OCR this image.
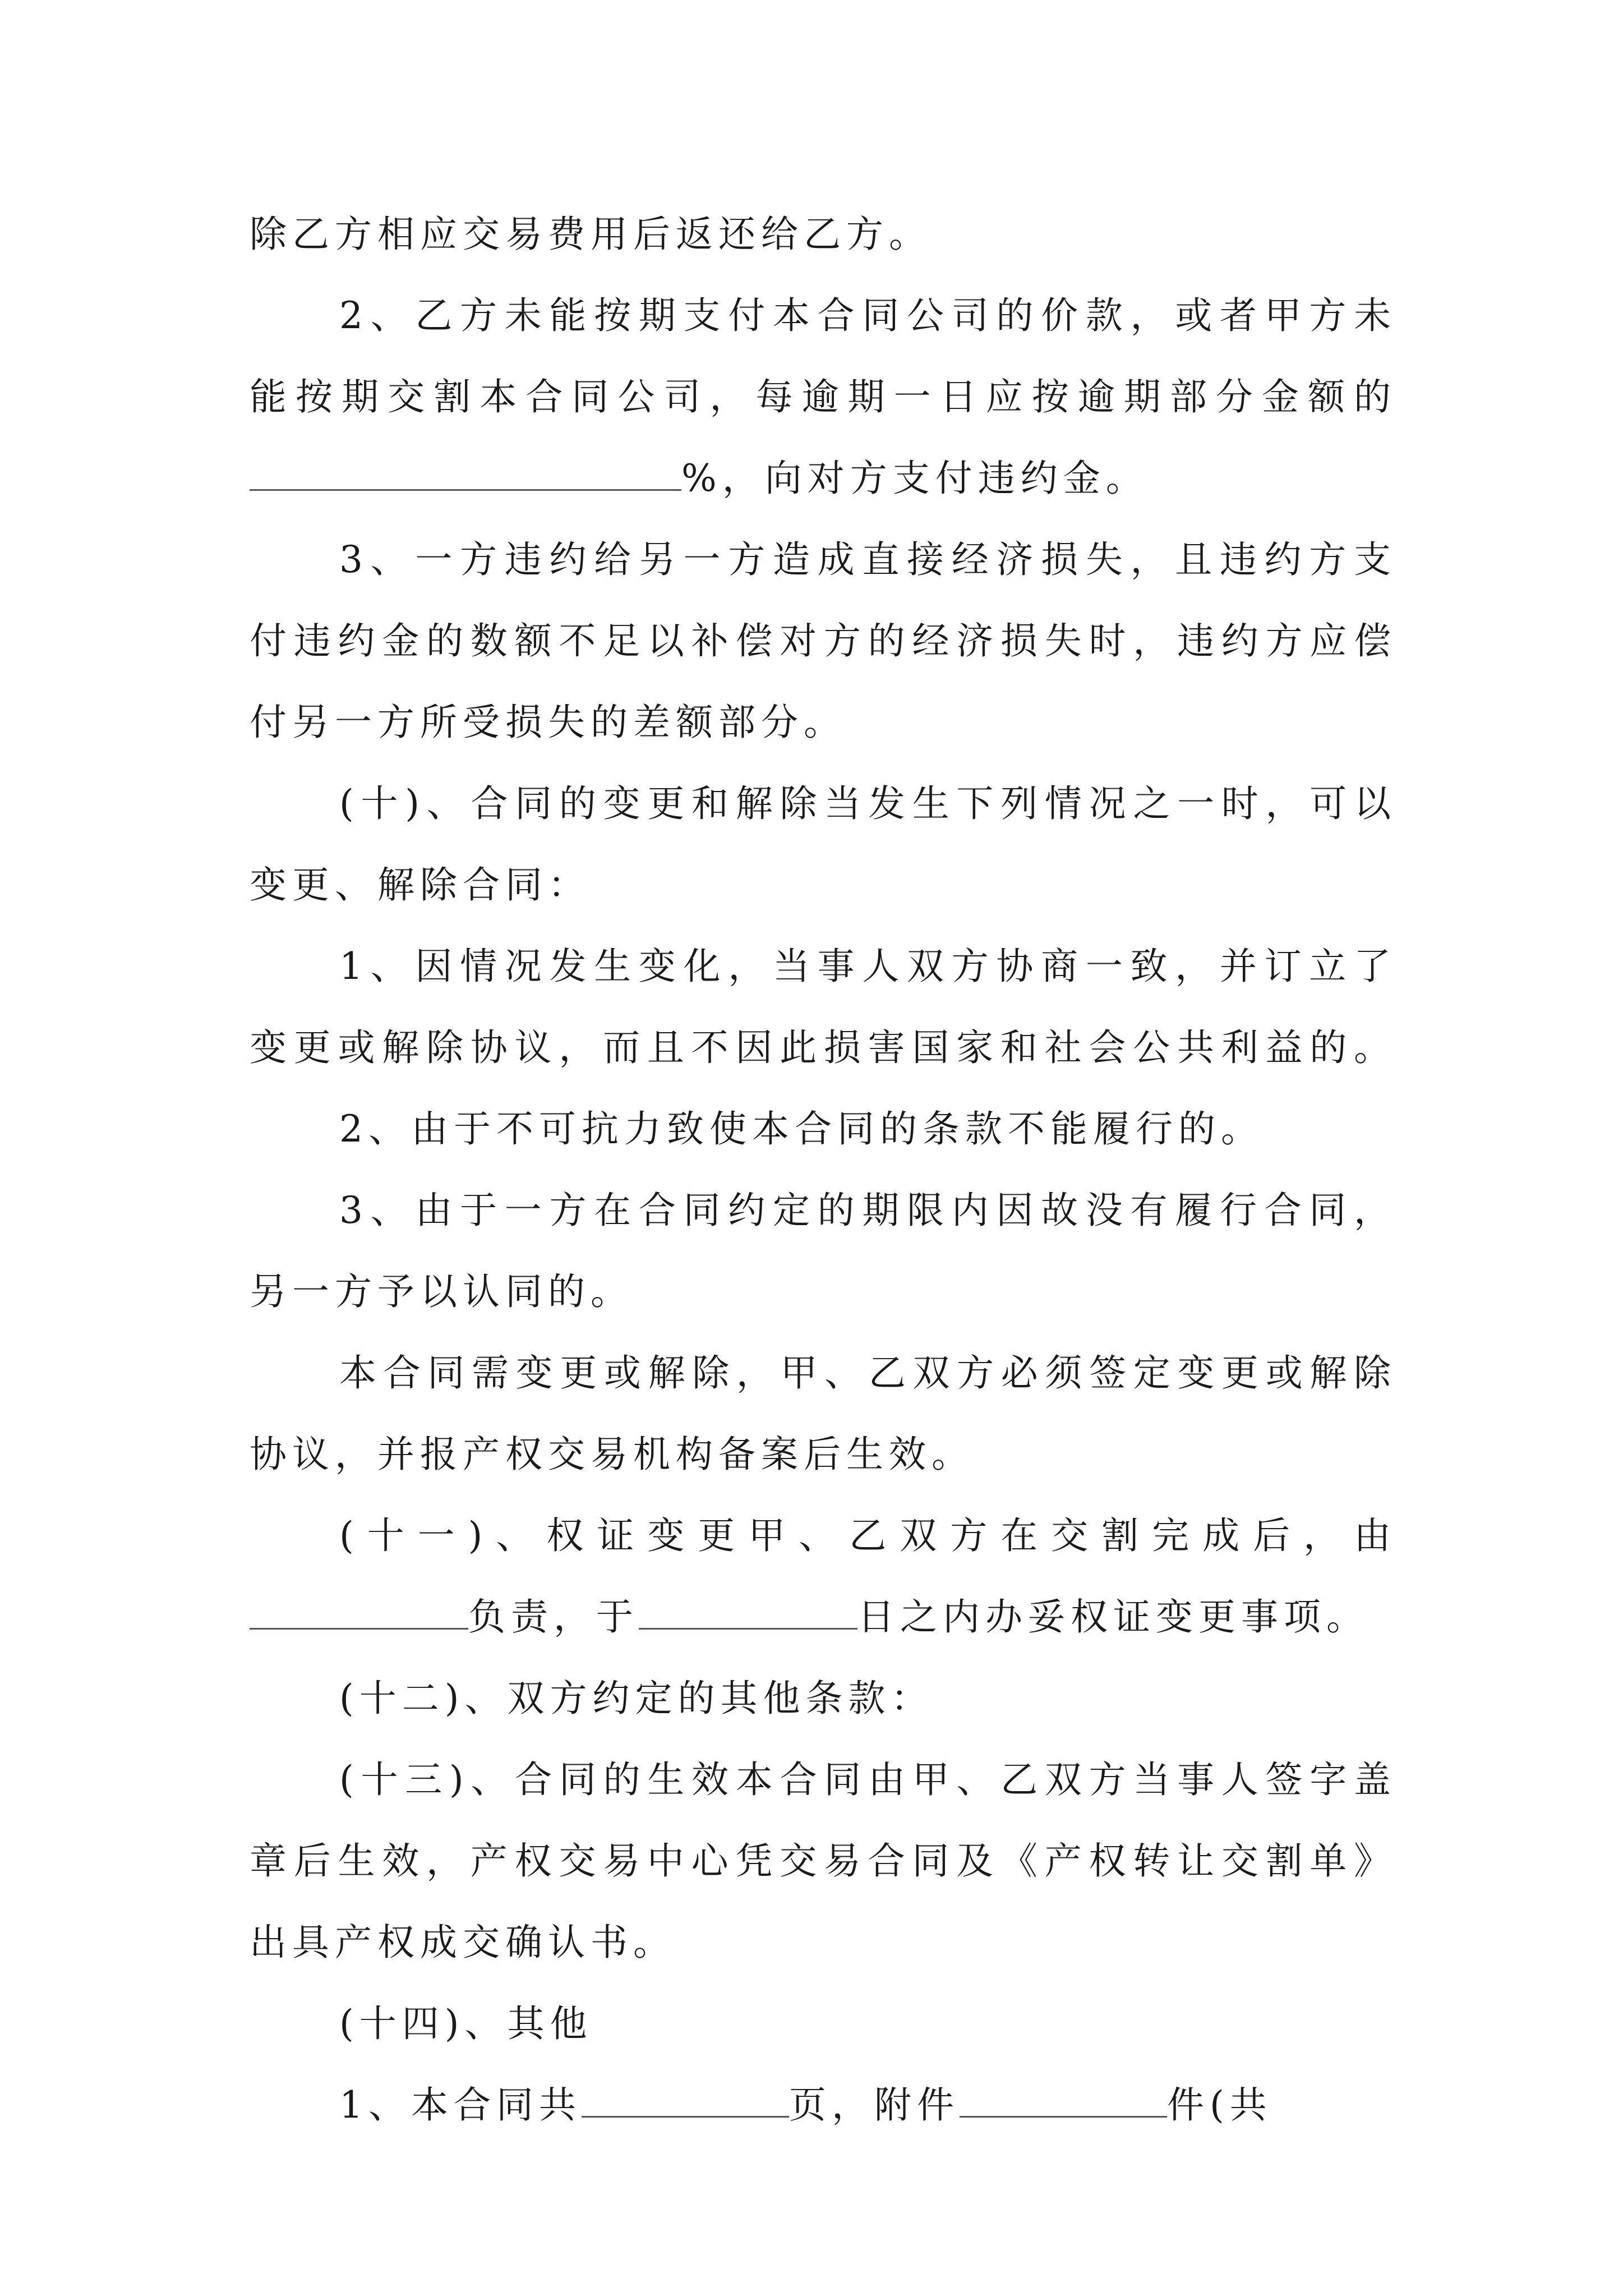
除乙方相应交易费用后返还给乙方。
2、乙方未能按期支付本合同公司的价款，或者甲方未
能按期交割本合同公司，每逾期一日应按逾期部分金额的
%，向对方支付违约金。
3、一方违约给另一方造成直接经济损失，且违约方支
付违约金的数额不足以补偿对方的经济损失时，违约方应偿
付另一方所受损失的差额部分。
(十)、合同的变更和解除当发生下列情况之一时，可以
变更、解除合同：
1、因情况发生变化，当事人双方协商一致，并订立了
变更或解除协议，而且不因此损害国家和社会公共利益的。
2、由于不可抗力致使本合同的条款不能履行的。
3、由于一方在合同约定的期限内因故没有履行合同，
另一方予以认同的。
本合同需变更或解除，甲、乙双方必须签定变更或解除
协议，并报产权交易机构备案后生效。
(十一)、权证变更甲、乙双方在交割完成后，由
负责，于	日之内办妥权证变更事项。
(十二)、双方约定的其他条款：
(十三)、合同的生效本合同由甲、乙双方当事人签字盖
章后生效，产权交易中心凭交易合同及《产权转让交割单》
出具产权成交确认书。
(十四)、其他
1、本合同共	页，附件	件(共
